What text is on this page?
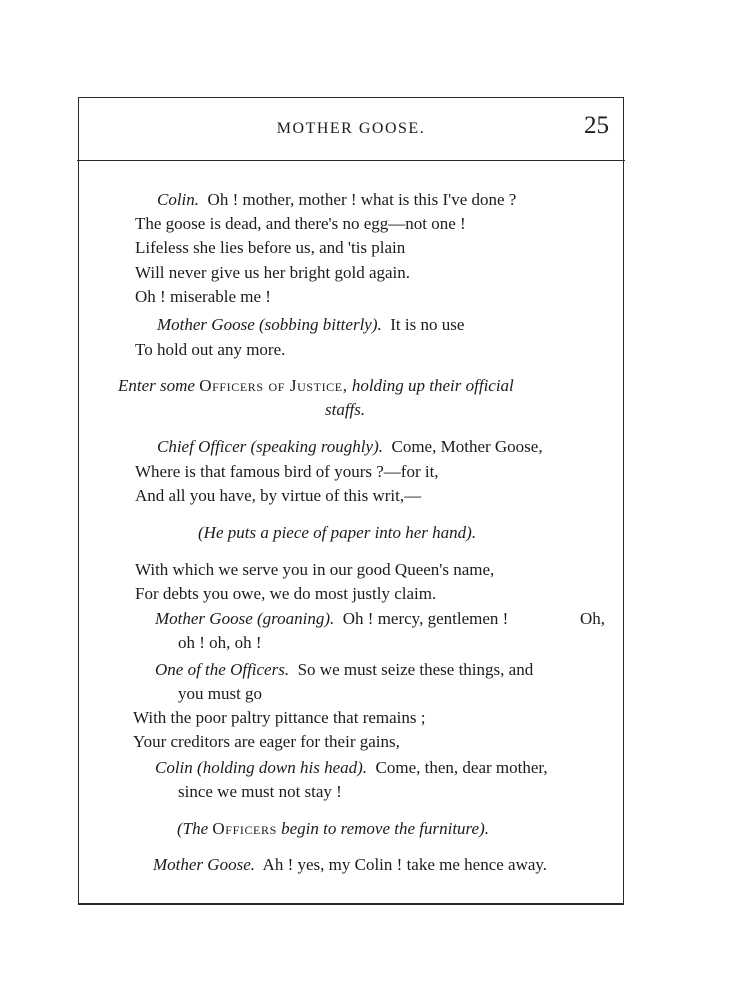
MOTHER GOOSE.	25
Colin. Oh ! mother, mother ! what is this I've done ?
The goose is dead, and there's no egg—not one !
Lifeless she lies before us, and 'tis plain
Will never give us her bright gold again.
Oh ! miserable me !
Mother Goose (sobbing bitterly). It is no use
To hold out any more.
Enter some Officers of Justice, holding up their official
staffs.
Chief Officer (speaking roughly). Come, Mother Goose,
Where is that famous bird of yours ?—for it,
And all you have, by virtue of this writ,—
(He puts a piece of paper into her hand).
With which we serve you in our good Queen's name,
For debts you owe, we do most justly claim.
Mother Goose (groaning). Oh ! mercy, gentlemen !	Oh,
oh ! oh, oh !
One of the Officers. So we must seize these things, and
you must go
With the poor paltry pittance that remains ;
Your creditors are eager for their gains,
Colin (holding down his head). Come, then, dear mother,
since we must not stay !
(The Officers begin to remove the furniture).
Mother Goose. Ah ! yes, my Colin ! take me hence away.
